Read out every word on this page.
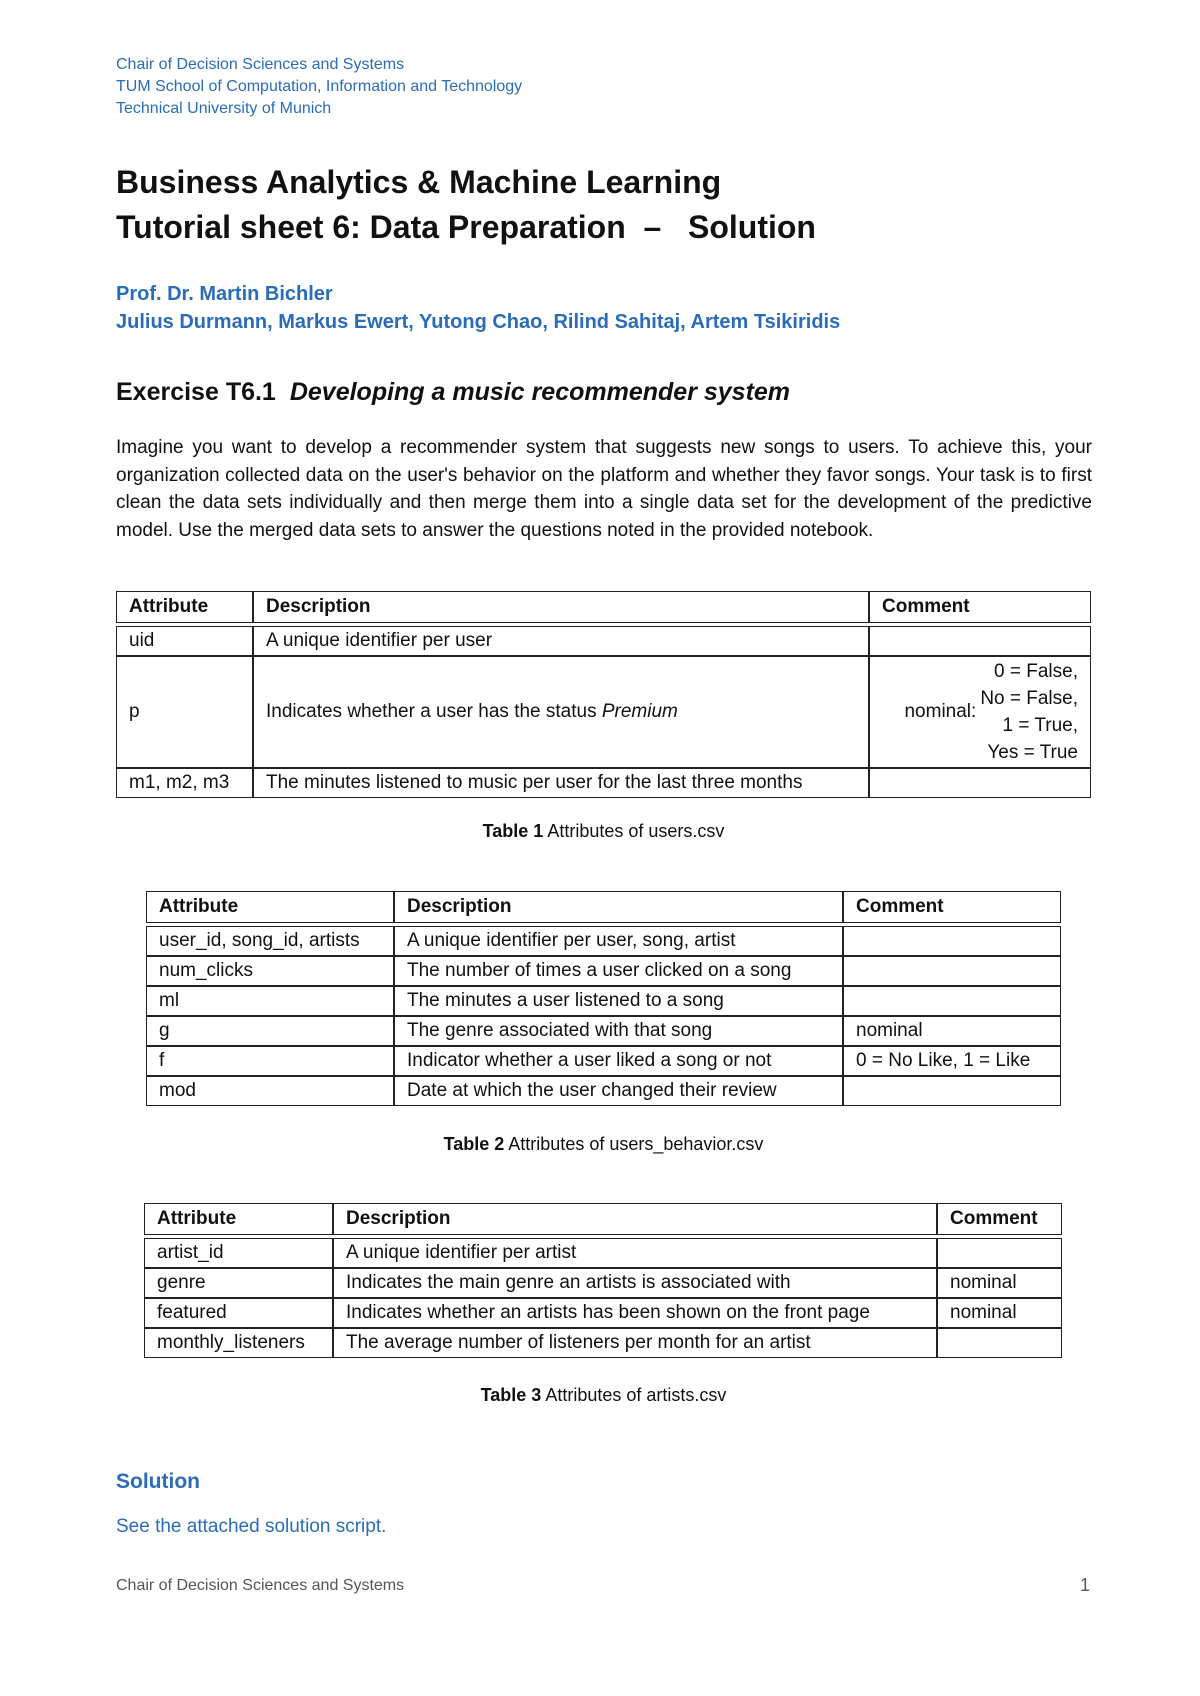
Chair of Decision Sciences and Systems
TUM School of Computation, Information and Technology
Technical University of Munich
Business Analytics & Machine Learning
Tutorial sheet 6: Data Preparation  –   Solution
Prof. Dr. Martin Bichler
Julius Durmann, Markus Ewert, Yutong Chao, Rilind Sahitaj, Artem Tsikiridis
Exercise T6.1 Developing a music recommender system
Imagine you want to develop a recommender system that suggests new songs to users. To achieve this, your organization collected data on the user's behavior on the platform and whether they favor songs. Your task is to first clean the data sets individually and then merge them into a single data set for the development of the predictive model. Use the merged data sets to answer the questions noted in the provided notebook.
Attribute	Description	Comment

uid	A unique identifier per user	
p	Indicates whether a user has the status Premium	nominal:
0 = False,
No = False,
1 = True,
Yes = True

m1, m2, m3	The minutes listened to music per user for the last three months	
Table 1 Attributes of users.csv
Attribute	Description	Comment

user_id, song_id, artists	A unique identifier per user, song, artist	
num_clicks	The number of times a user clicked on a song	
ml	The minutes a user listened to a song	
g	The genre associated with that song	nominal
f	Indicator whether a user liked a song or not	0 = No Like, 1 = Like
mod	Date at which the user changed their review	
Table 2 Attributes of users_behavior.csv
Attribute	Description	Comment

artist_id	A unique identifier per artist	
genre	Indicates the main genre an artists is associated with	nominal
featured	Indicates whether an artists has been shown on the front page	nominal
monthly_listeners	The average number of listeners per month for an artist	
Table 3 Attributes of artists.csv
Solution
See the attached solution script.
Chair of Decision Sciences and Systems	1
